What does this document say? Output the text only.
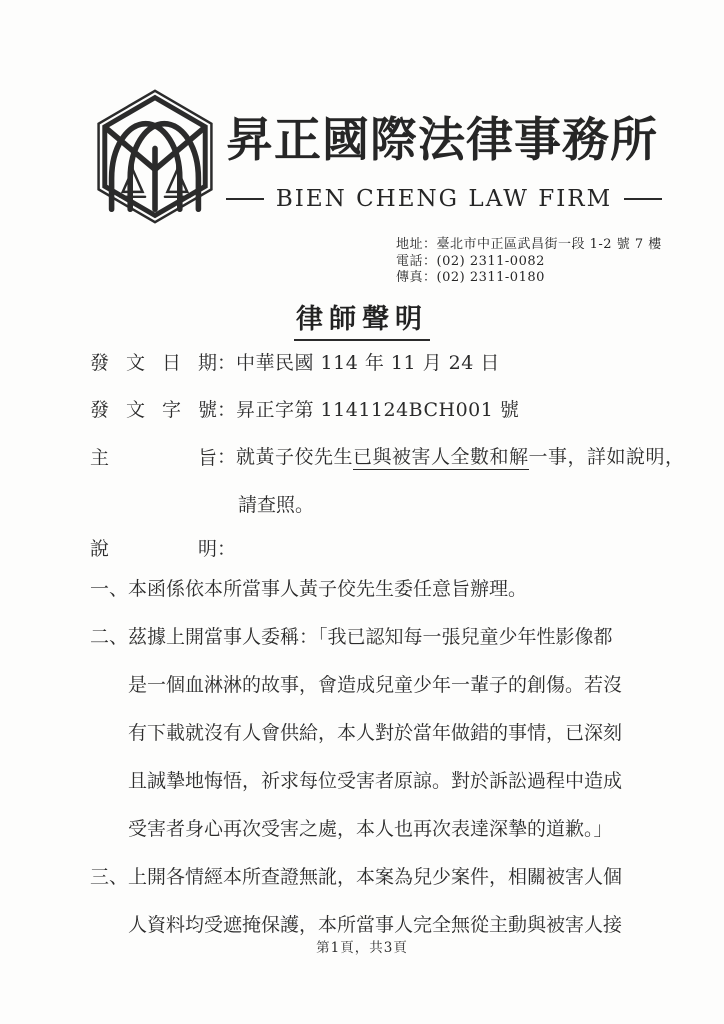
昇正國際法律事務所
BIEN CHENG LAW FIRM
地址：臺北市中正區武昌街一段 1-2 號 7 樓
電話：(02) 2311-0082
傳真：(02) 2311-0180
律師聲明
發文日期：中華民國 114 年 11 月 24 日
發文字號：昇正字第 1141124BCH001 號
主旨：就黃子佼先生已與被害人全數和解一事，詳如說明，
請查照。
說明：
一、本函係依本所當事人黃子佼先生委任意旨辦理。
二、茲據上開當事人委稱：「我已認知每一張兒童少年性影像都
是一個血淋淋的故事，會造成兒童少年一輩子的創傷。若沒
有下載就沒有人會供給，本人對於當年做錯的事情，已深刻
且誠摯地悔悟，祈求每位受害者原諒。對於訴訟過程中造成
受害者身心再次受害之處，本人也再次表達深摯的道歉。」
三、上開各情經本所查證無訛，本案為兒少案件，相關被害人個
人資料均受遮掩保護，本所當事人完全無從主動與被害人接
第1頁，共3頁
